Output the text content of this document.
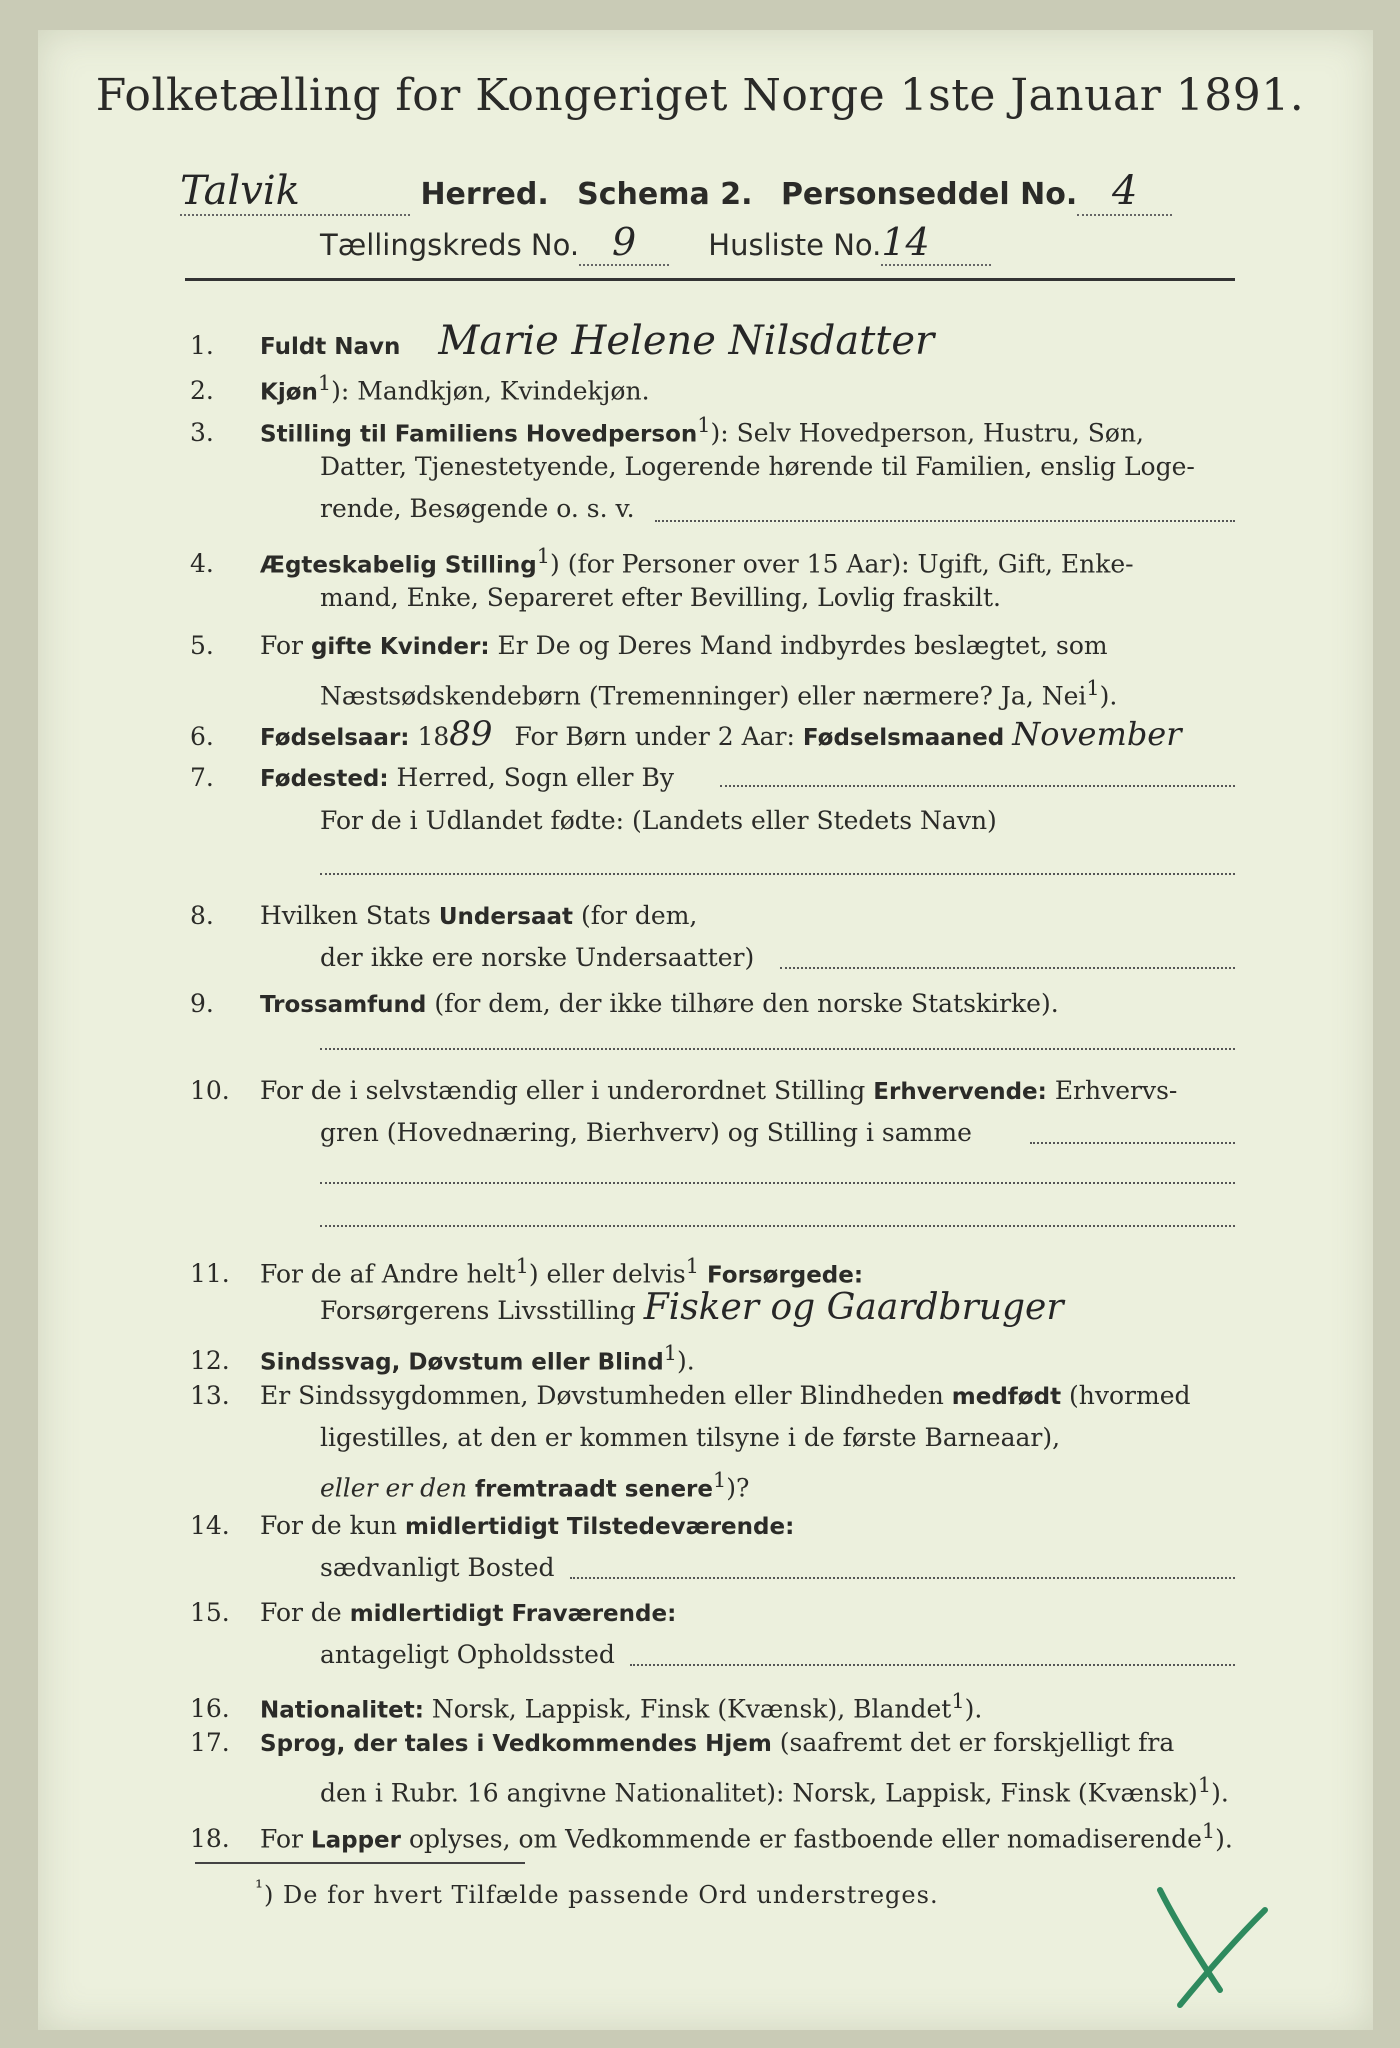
Folketælling for Kongeriget Norge 1ste Januar 1891.
Talvik	Herred. Schema 2. Personseddel No. 4
Tællingskreds No. 9 Husliste No.14
1. Fuldt Navn Marie Helene Nilsdatter
2. Kjøn$^1$): Mandkjøn, Kvindekjøn.
3. Stilling til Familiens Hovedperson$^1$): Selv Hovedperson, Hustru, Søn,
Datter, Tjenestetyende, Logerende hørende til Familien, enslig Loge-
rende, Besøgende o. s. v.
4. Ægteskabelig Stilling$^1$) (for Personer over 15 Aar): Ugift, Gift, Enke-
mand, Enke, Separeret efter Bevilling, Lovlig fraskilt.
5. For gifte Kvinder: Er De og Deres Mand indbyrdes beslægtet, som
Næstsødskendebørn (Tremenninger) eller nærmere? Ja, Nei$^1$).
6. Fødselsaar: 1889 For Børn under 2 Aar: Fødselsmaaned November
7. Fødested: Herred, Sogn eller By
For de i Udlandet fødte: (Landets eller Stedets Navn)
8. Hvilken Stats Undersaat (for dem,
der ikke ere norske Undersaatter)
9. Trossamfund (for dem, der ikke tilhøre den norske Statskirke).
10. For de i selvstændig eller i underordnet Stilling Erhvervende: Erhvervs-
gren (Hovednæring, Bierhverv) og Stilling i samme
11. For de af Andre helt$^1$) eller delvis$^1$ Forsørgede:
Forsørgerens Livsstilling Fisker og Gaardbruger
12. Sindssvag, Døvstum eller Blind$^1$).
13. Er Sindssygdommen, Døvstumheden eller Blindheden medfødt (hvormed
ligestilles, at den er kommen tilsyne i de første Barneaar),
eller er den fremtraadt senere$^1$)?
14. For de kun midlertidigt Tilstedeværende:
sædvanligt Bosted
15. For de midlertidigt Fraværende:
antageligt Opholdssted
16. Nationalitet: Norsk, Lappisk, Finsk (Kvænsk), Blandet$^1$).
17. Sprog, der tales i Vedkommendes Hjem (saafremt det er forskjelligt fra
den i Rubr. 16 angivne Nationalitet): Norsk, Lappisk, Finsk (Kvænsk)$^1$).
18. For Lapper oplyses, om Vedkommende er fastboende eller nomadiserende$^1$).
$^{^1}$) De for hvert Tilfælde passende Ord understreges.
